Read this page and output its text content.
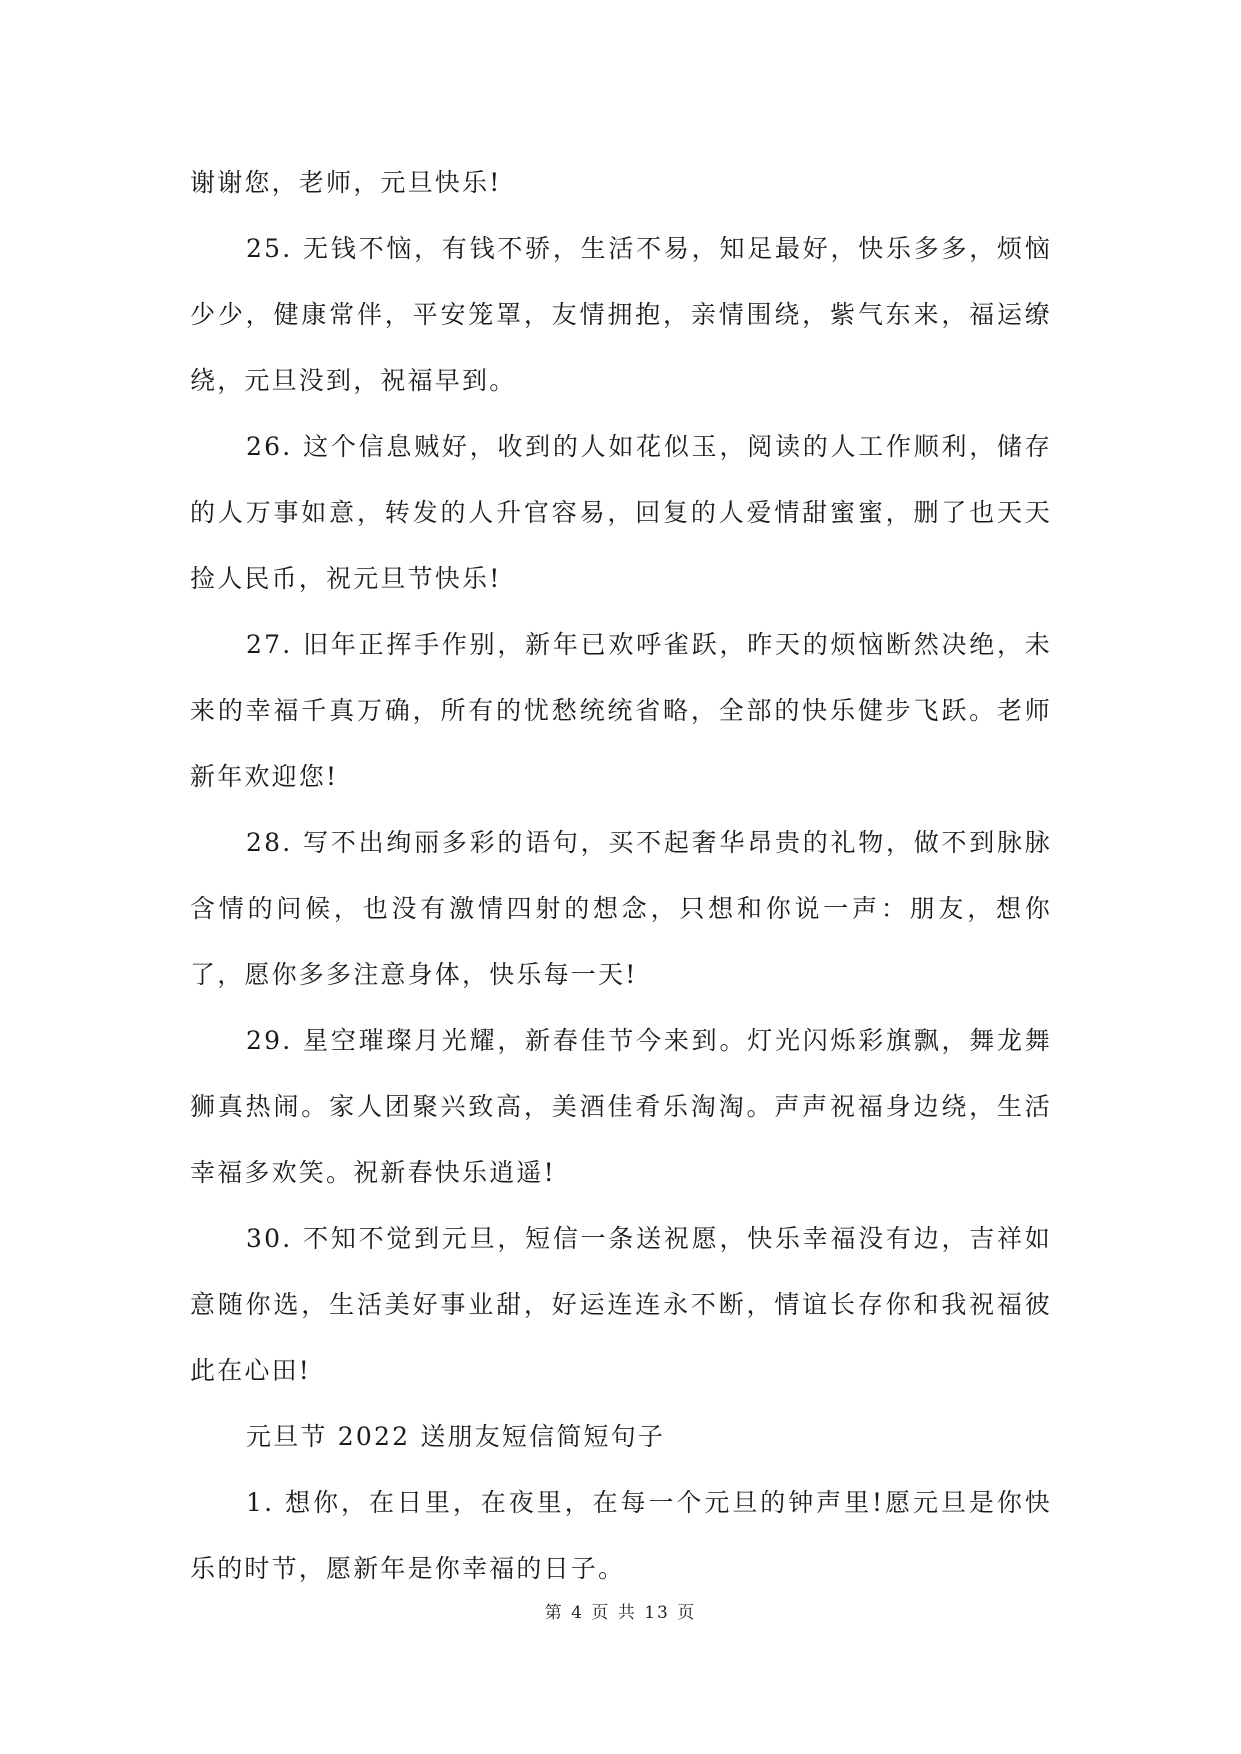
谢谢您，老师，元旦快乐!

25. 无钱不恼，有钱不骄，生活不易，知足最好，快乐多多，烦恼少少，健康常伴，平安笼罩，友情拥抱，亲情围绕，紫气东来，福运缭绕，元旦没到，祝福早到。

26. 这个信息贼好，收到的人如花似玉，阅读的人工作顺利，储存的人万事如意，转发的人升官容易，回复的人爱情甜蜜蜜，删了也天天捡人民币，祝元旦节快乐!

27. 旧年正挥手作别，新年已欢呼雀跃，昨天的烦恼断然决绝，未来的幸福千真万确，所有的忧愁统统省略，全部的快乐健步飞跃。老师新年欢迎您!

28. 写不出绚丽多彩的语句，买不起奢华昂贵的礼物，做不到脉脉含情的问候，也没有激情四射的想念，只想和你说一声：朋友，想你了，愿你多多注意身体，快乐每一天!

29. 星空璀璨月光耀，新春佳节今来到。灯光闪烁彩旗飘，舞龙舞狮真热闹。家人团聚兴致高，美酒佳肴乐淘淘。声声祝福身边绕，生活幸福多欢笑。祝新春快乐逍遥!

30. 不知不觉到元旦，短信一条送祝愿，快乐幸福没有边，吉祥如意随你选，生活美好事业甜，好运连连永不断，情谊长存你和我祝福彼此在心田!

元旦节 2022 送朋友短信简短句子

1. 想你，在日里，在夜里，在每一个元旦的钟声里!愿元旦是你快乐的时节，愿新年是你幸福的日子。

第 4 页 共 13 页
